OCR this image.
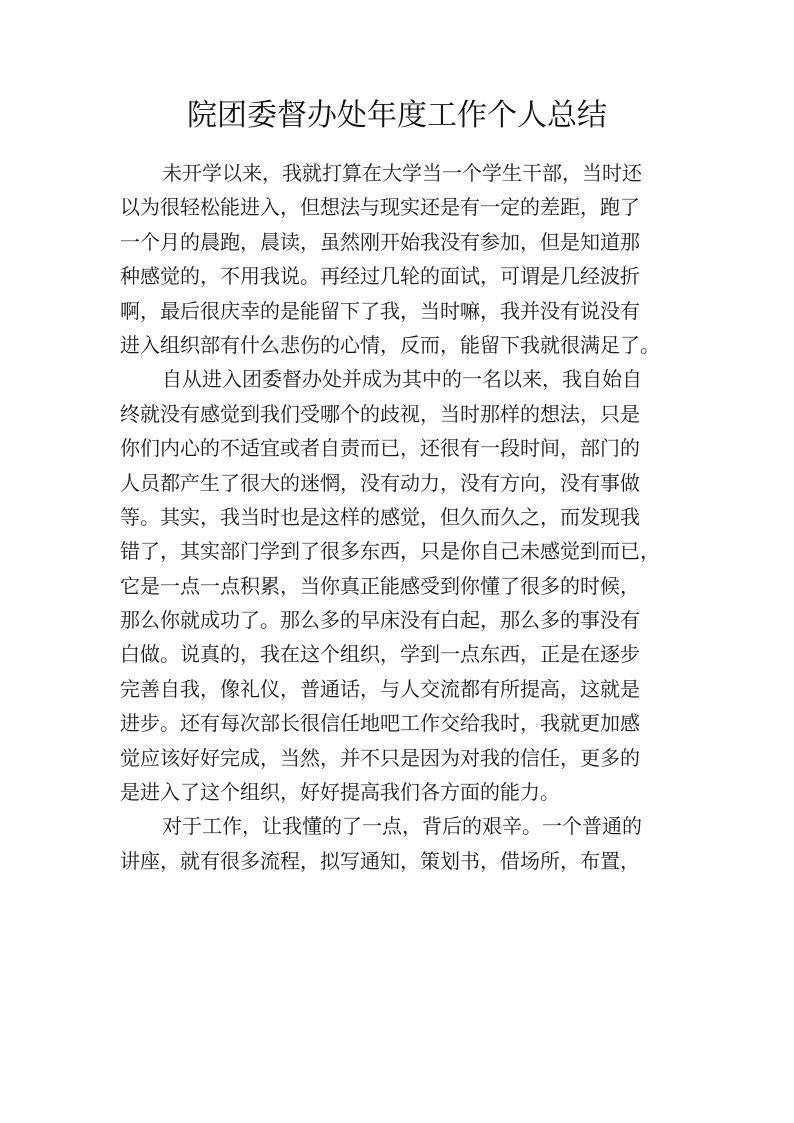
院团委督办处年度工作个人总结

未开学以来，我就打算在大学当一个学生干部，当时还
以为很轻松能进入，但想法与现实还是有一定的差距，跑了
一个月的晨跑，晨读，虽然刚开始我没有参加，但是知道那
种感觉的，不用我说。再经过几轮的面试，可谓是几经波折
啊，最后很庆幸的是能留下了我，当时嘛，我并没有说没有
进入组织部有什么悲伤的心情，反而，能留下我就很满足了。

自从进入团委督办处并成为其中的一名以来，我自始自
终就没有感觉到我们受哪个的歧视，当时那样的想法，只是
你们内心的不适宜或者自责而已，还很有一段时间，部门的
人员都产生了很大的迷惘，没有动力，没有方向，没有事做
等。其实，我当时也是这样的感觉，但久而久之，而发现我
错了，其实部门学到了很多东西，只是你自己未感觉到而已，
它是一点一点积累，当你真正能感受到你懂了很多的时候，
那么你就成功了。那么多的早床没有白起，那么多的事没有
白做。说真的，我在这个组织，学到一点东西，正是在逐步
完善自我，像礼仪，普通话，与人交流都有所提高，这就是
进步。还有每次部长很信任地吧工作交给我时，我就更加感
觉应该好好完成，当然，并不只是因为对我的信任，更多的
是进入了这个组织，好好提高我们各方面的能力。

对于工作，让我懂的了一点，背后的艰辛。一个普通的
讲座，就有很多流程，拟写通知，策划书，借场所，布置，
